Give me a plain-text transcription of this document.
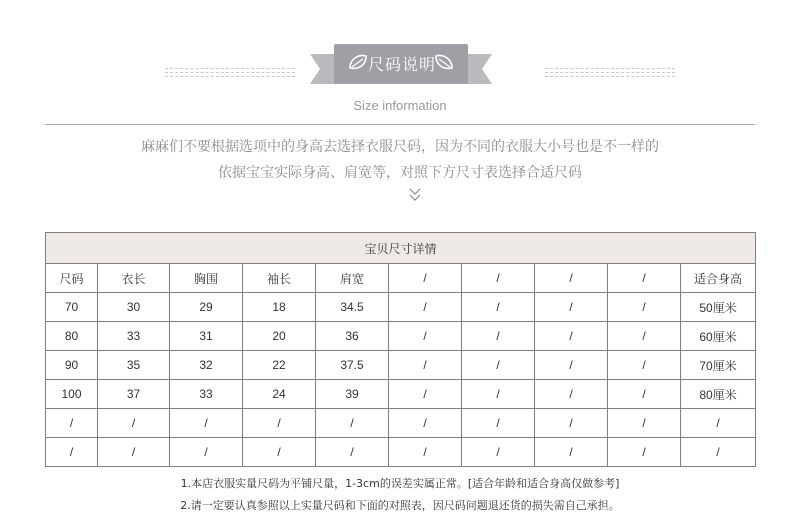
尺码说明
Size information
麻麻们不要根据选项中的身高去选择衣服尺码，因为不同的衣服大小号也是不一样的
依据宝宝实际身高、肩宽等，对照下方尺寸表选择合适尺码
宝贝尺寸详情									
尺码	衣长	胸围	袖长	肩宽	/	/	/	/	适合身高
70	30	29	18	34.5	/	/	/	/	50厘米
80	33	31	20	36	/	/	/	/	60厘米
90	35	32	22	37.5	/	/	/	/	70厘米
100	37	33	24	39	/	/	/	/	80厘米
/	/	/	/	/	/	/	/	/	/
/	/	/	/	/	/	/	/	/	/
1.本店衣服实量尺码为平铺尺量，1-3cm的误差实属正常。[适合年龄和适合身高仅做参考]
2.请一定要认真参照以上实量尺码和下面的对照表，因尺码问题退还货的损失需自己承担。
